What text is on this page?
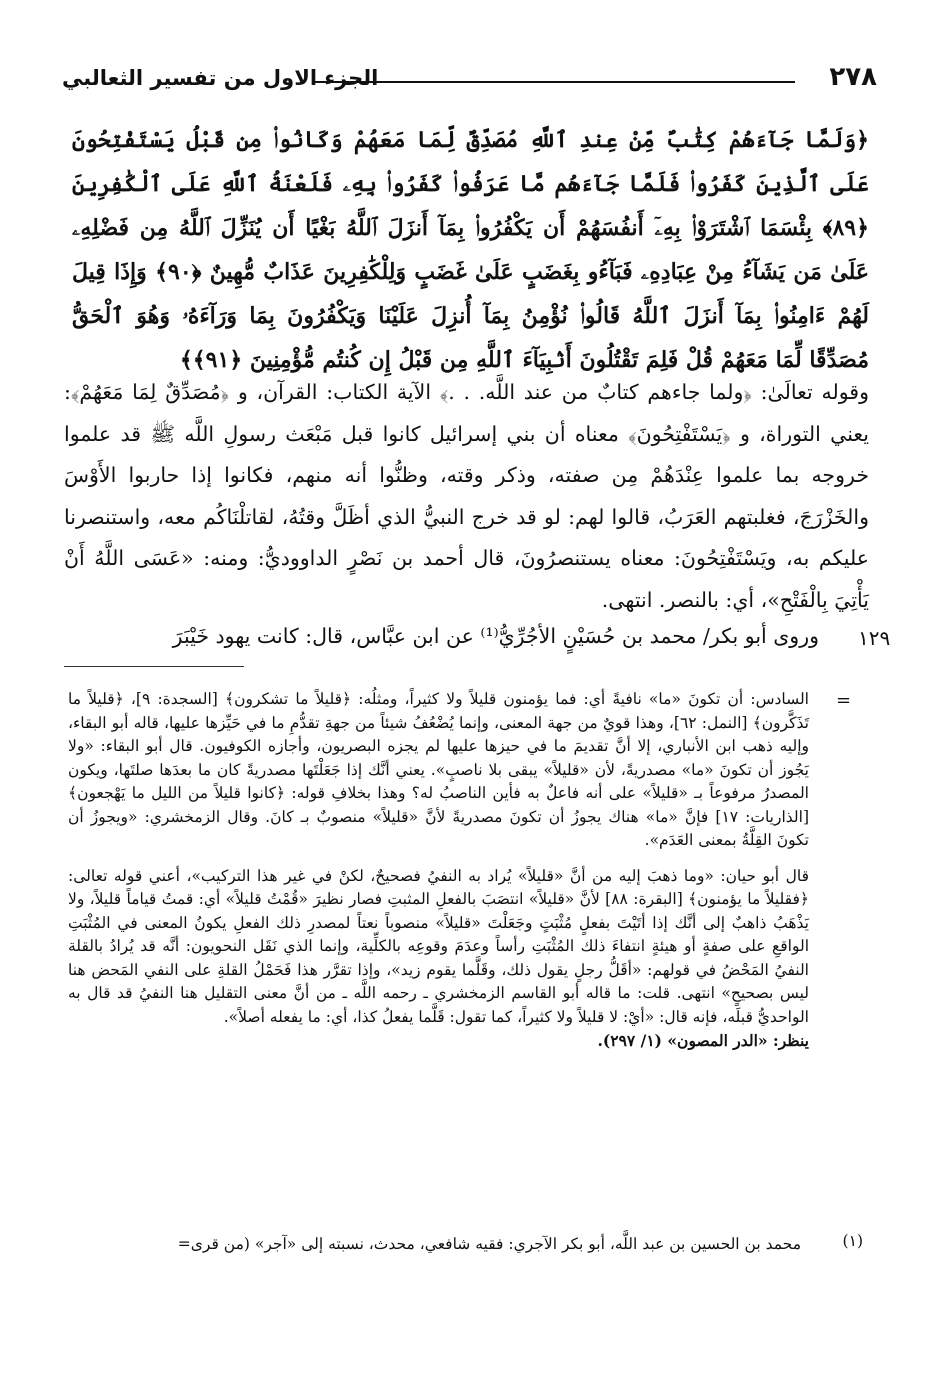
٢٧٨
الجزء الاول من تفسير الثعالبي

﴿وَلَمَّا جَآءَهُمْ كِتَٰبٌ مِّنْ عِندِ ٱللَّهِ مُصَدِّقٌ لِّمَا مَعَهُمْ وَكَانُوا۟ مِن قَبْلُ يَسْتَفْتِحُونَ عَلَى ٱلَّذِينَ كَفَرُوا۟ فَلَمَّا جَآءَهُم مَّا عَرَفُوا۟ كَفَرُوا۟ بِهِۦ فَلَعْنَةُ ٱللَّهِ عَلَى ٱلْكَٰفِرِينَ ﴿٨٩﴾ بِئْسَمَا ٱشْتَرَوْا۟ بِهِۦٓ أَنفُسَهُمْ أَن يَكْفُرُوا۟ بِمَآ أَنزَلَ ٱللَّهُ بَغْيًا أَن يُنَزِّلَ ٱللَّهُ مِن فَضْلِهِۦ عَلَىٰ مَن يَشَآءُ مِنْ عِبَادِهِۦ فَبَآءُو بِغَضَبٍ عَلَىٰ غَضَبٍ وَلِلْكَٰفِرِينَ عَذَابٌ مُّهِينٌ ﴿٩٠﴾ وَإِذَا قِيلَ لَهُمْ ءَامِنُوا۟ بِمَآ أَنزَلَ ٱللَّهُ قَالُوا۟ نُؤْمِنُ بِمَآ أُنزِلَ عَلَيْنَا وَيَكْفُرُونَ بِمَا وَرَآءَهُۥ وَهُوَ ٱلْحَقُّ مُصَدِّقًا لِّمَا مَعَهُمْ قُلْ فَلِمَ تَقْتُلُونَ أَنۢبِيَآءَ ٱللَّهِ مِن قَبْلُ إِن كُنتُم مُّؤْمِنِينَ ﴿٩١﴾﴾

وقوله تعالَىٰ: ﴿ولما جاءهم كتابٌ من عند اللَّه. . .﴾ الآية الكتاب: القرآن، و ﴿مُصَدِّقٌ لِمَا مَعَهُمْ﴾: يعني التوراة، و ﴿يَسْتَفْتِحُونَ﴾ معناه أن بني إسرائيل كانوا قبل مَبْعَث رسولِ اللَّه ﷺ قد علموا خروجه بما علموا عِنْدَهُمْ مِن صفته، وذكر وقته، وظنُّوا أنه منهم، فكانوا إذا حاربوا الأَوْسَ والخَزْرَجَ، فغلبتهم العَرَبُ، قالوا لهم: لو قد خرج النبيُّ الذي أظَلَّ وقتُهُ، لقاتلْنَاكُم معه، واستنصرنا عليكم به، ويَسْتَفْتِحُونَ: معناه يستنصرُونَ، قال أحمد بن نَصْرٍ الداووديُّ: ومنه: «عَسَى اللَّهُ أَنْ يَأْتِيَ بِالْفَتْحِ»، أي: بالنصر. انتهى.

١٢٩

وروى أبو بكر/ محمد بن حُسَيْنٍ الأجُرِّيُّ⁽¹⁾ عن ابن عبَّاس، قال: كانت يهود خَيْبَرَ

=

السادس: أن تكونَ «ما» نافيةً أي: فما يؤمنون قليلاً ولا كثيراً، ومثلُه: ﴿قليلاً ما تشكرون﴾ [السجدة: ٩]، ﴿قليلاً ما تَذَكَّرون﴾ [النمل: ٦٢]، وهذا قويٌ من جهة المعنى، وإنما يُضْعُفُ شيئاً من جهةِ تقدُّمِ ما في حَيِّزها عليها، قاله أبو البقاء، وإليه ذهب ابن الأنباري، إلا أنَّ تقديمَ ما في حيزها عليها لم يجزه البصريون، وأجازه الكوفيون. قال أبو البقاء: «ولا يَجُوز أن تكونَ «ما» مصدريةً، لأن «قليلاً» يبقى بلا ناصبٍ». يعني أنَّك إذا جَعَلْتَها مصدريةً كان ما بعدَها صلتَها، ويكون المصدرُ مرفوعاً بـ «قليلاً» على أنه فاعلٌ به فأين الناصبُ له؟ وهذا بخلافِ قوله: ﴿كانوا قليلاً من الليل ما يَهْجعون﴾ [الذاريات: ١٧] فإنَّ «ما» هناك يجوزُ أن تكونَ مصدريةً لأنَّ «قليلاً» منصوبٌ بـ كانَ. وقال الزمخشري: «ويجوزُ أن تكونَ القِلَّةُ بمعنى العَدَم».

قال أبو حيان: «وما ذهبَ إليه من أنَّ «قليلاً» يُراد به النفيُ فصحيحٌ، لكنْ في غير هذا التركيب»، أعني قوله تعالى: ﴿فقليلاً ما يؤمنون﴾ [البقرة: ٨٨] لأنَّ «قليلاً» انتصَبَ بالفعلِ المثبتِ فصار نظيرَ «قُمْتُ قليلاً» أي: قمتُ قياماً قليلاً، ولا يَذْهَبُ ذاهبٌ إلى أنَّك إذا أتَيْتَ بفعلٍ مُثْبَتٍ وجَعَلْتَ «قليلاً» منصوباً نعتاً لمصدرِ ذلك الفعلِ يكونُ المعنى في المُثْبَتِ الواقعِ على صفةٍ أو هيئةٍ انتفاءَ ذلك المُثْبَتِ رأساً وعدَمَ وقوعِه بالكلِّية، وإنما الذي نَقَل النحويون: أنَّه قد يُرادُ بالقلة النفيُ المَحْضُ في قولهم: «أقَلُّ رجلٍ يقول ذلك، وقَلَّما يقوم زيد»، وإذا تقرَّر هذا فَحَمْلُ القلةِ على النفي المَحض هنا ليس بصحيحٍ» انتهى. قلت: ما قاله أبو القاسم الزمخشري ـ رحمه اللَّه ـ من أنَّ معنى التقليل هنا النفيُ قد قال به الواحديُّ قبلَه، فإنه قال: «أيْ: لا قليلاً ولا كثيراً، كما تقول: قَلَّما يفعلُ كذا، أي: ما يفعله أصلاً».

ينظر: «الدر المصون» (١/ ٢٩٧).

(١)

محمد بن الحسين بن عبد اللَّه، أبو بكر الآجري: فقيه شافعي، محدث، نسبته إلى «آجر» (من قرى=
